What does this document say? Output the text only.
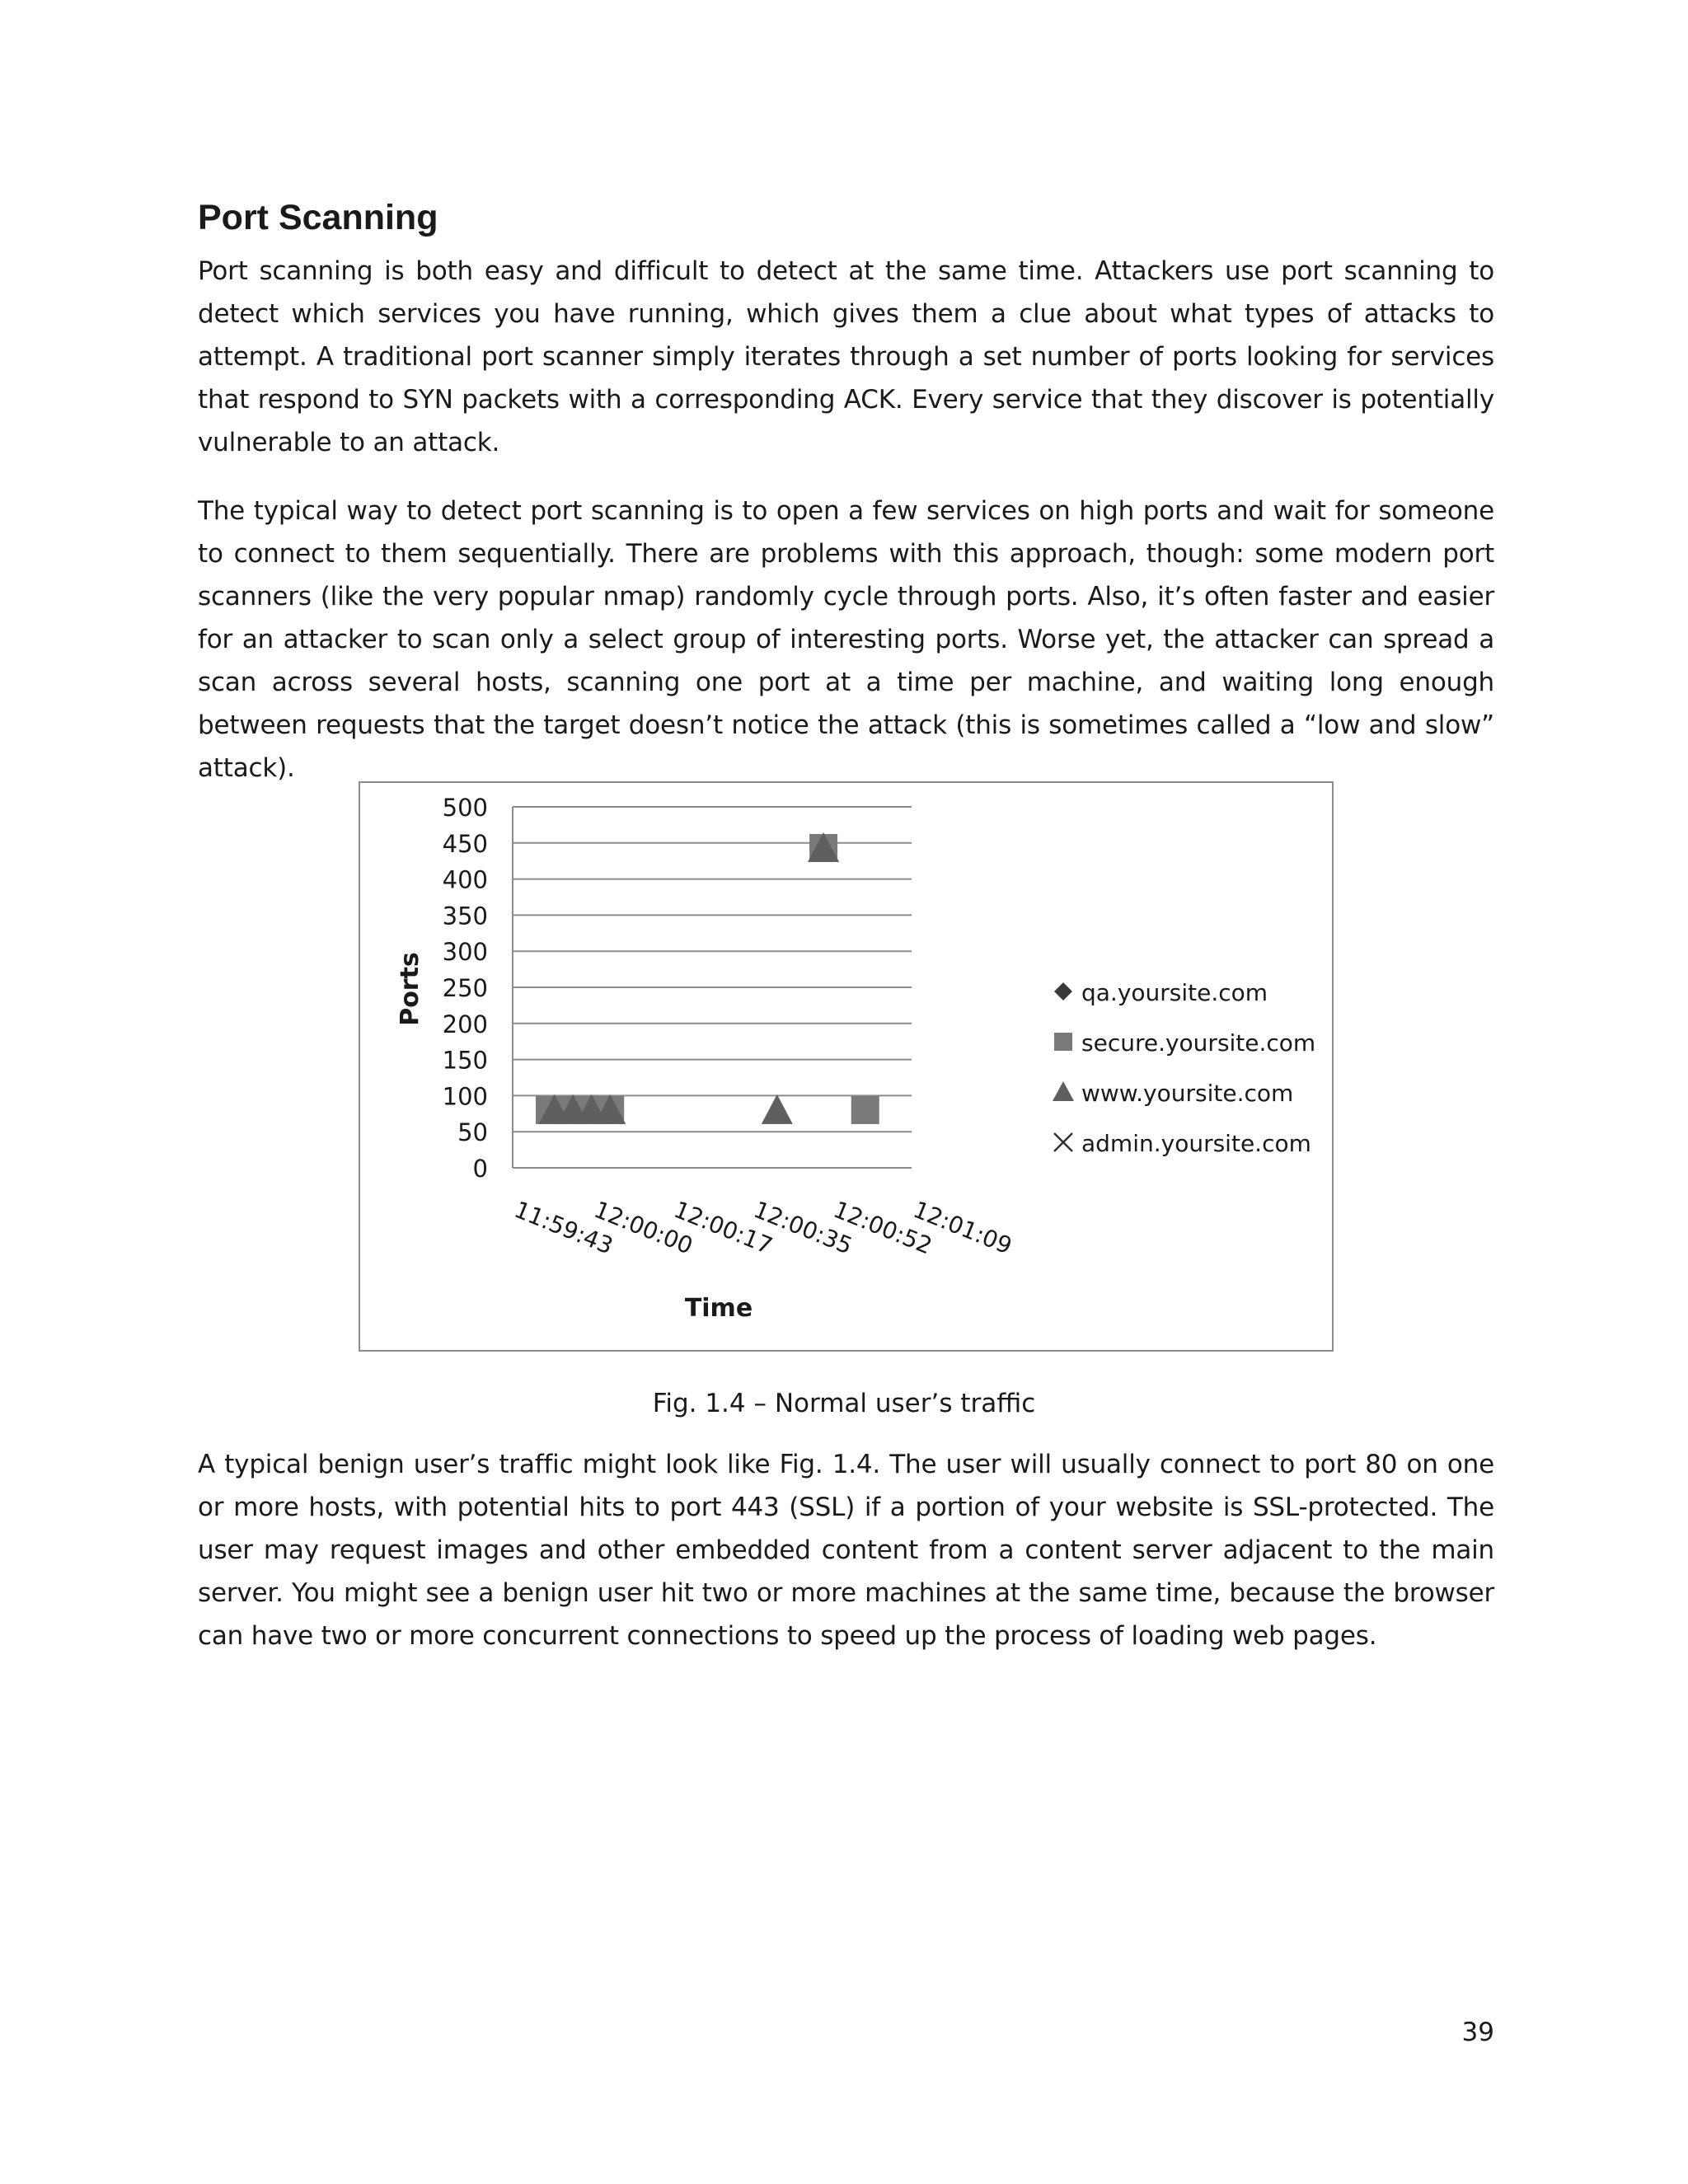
Port Scanning

Port scanning is both easy and difficult to detect at the same time. Attackers use port scanning to detect which services you have running, which gives them a clue about what types of attacks to attempt. A traditional port scanner simply iterates through a set number of ports looking for services that respond to SYN packets with a corresponding ACK. Every service that they discover is potentially vulnerable to an attack.

The typical way to detect port scanning is to open a few services on high ports and wait for someone to connect to them sequentially. There are problems with this approach, though: some modern port scanners (like the very popular nmap) randomly cycle through ports. Also, it’s often faster and easier for an attacker to scan only a select group of interesting ports. Worse yet, the attacker can spread a scan across several hosts, scanning one port at a time per machine, and waiting long enough between requests that the target doesn’t notice the attack (this is sometimes called a “low and slow” attack).

0
50
100
150
200
250
300
350
400
450
500
11:59:43
12:00:00
12:00:17
12:00:35
12:00:52
12:01:09
Time
Ports	qa.yoursite.com
secure.yoursite.com
www.yoursite.com
admin.yoursite.com

Fig. 1.4 – Normal user’s traffic

A typical benign user’s traffic might look like Fig. 1.4. The user will usually connect to port 80 on one or more hosts, with potential hits to port 443 (SSL) if a portion of your website is SSL-protected. The user may request images and other embedded content from a content server adjacent to the main server. You might see a benign user hit two or more machines at the same time, because the browser can have two or more concurrent connections to speed up the process of loading web pages.

39
